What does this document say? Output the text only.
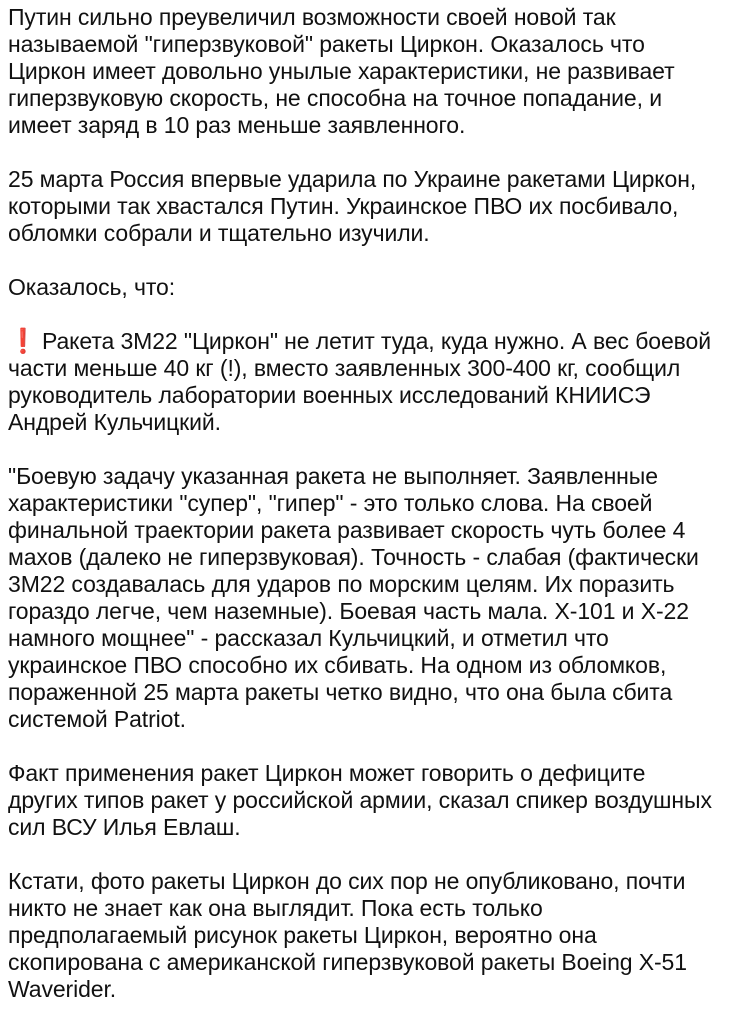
Путин сильно преувеличил возможности своей новой так
называемой "гиперзвуковой" ракеты Циркон. Оказалось что
Циркон имеет довольно унылые характеристики, не развивает
гиперзвуковую скорость, не способна на точное попадание, и
имеет заряд в 10 раз меньше заявленного.
25 марта Россия впервые ударила по Украине ракетами Циркон,
которыми так хвастался Путин. Украинское ПВО их посбивало,
обломки собрали и тщательно изучили.
Оказалось, что:
❗ Ракета 3М22 "Циркон" не летит туда, куда нужно. А вес боевой
части меньше 40 кг (!), вместо заявленных 300-400 кг, сообщил
руководитель лаборатории военных исследований КНИИСЭ
Андрей Кульчицкий.
"Боевую задачу указанная ракета не выполняет. Заявленные
характеристики "супер", "гипер" - это только слова. На своей
финальной траектории ракета развивает скорость чуть более 4
махов (далеко не гиперзвуковая). Точность - слабая (фактически
3М22 создавалась для ударов по морским целям. Их поразить
гораздо легче, чем наземные). Боевая часть мала. Х-101 и Х-22
намного мощнее" - рассказал Кульчицкий, и отметил что
украинское ПВО способно их сбивать. На одном из обломков,
пораженной 25 марта ракеты четко видно, что она была сбита
системой Patriot.
Факт применения ракет Циркон может говорить о дефиците
других типов ракет у российской армии, сказал спикер воздушных
сил ВСУ Илья Евлаш.
Кстати, фото ракеты Циркон до сих пор не опубликовано, почти
никто не знает как она выглядит. Пока есть только
предполагаемый рисунок ракеты Циркон, вероятно она
скопирована с американской гиперзвуковой ракеты Boeing X-51
Waverider.
